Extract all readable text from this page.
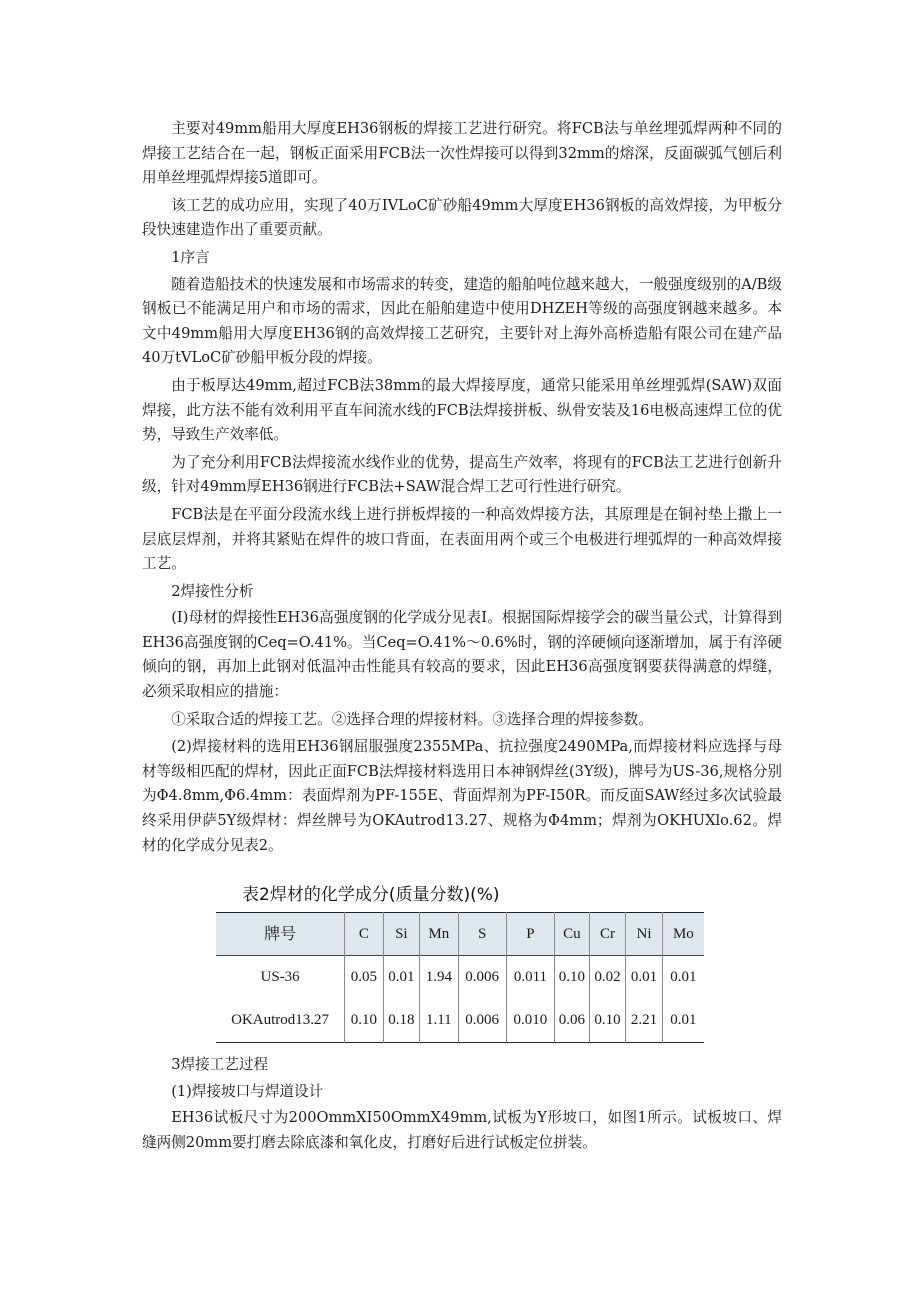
主要对49mm船用大厚度EH36钢板的焊接工艺进行研究。将FCB法与单丝埋弧焊两种不同的焊接工艺结合在一起，钢板正面采用FCB法一次性焊接可以得到32mm的熔深，反面碳弧气刨后利用单丝埋弧焊焊接5道即可。

该工艺的成功应用，实现了40万IVLoC矿砂船49mm大厚度EH36钢板的高效焊接，为甲板分段快速建造作出了重要贡献。

1序言

随着造船技术的快速发展和市场需求的转变，建造的船舶吨位越来越大，一般强度级别的A/B级钢板已不能满足用户和市场的需求，因此在船舶建造中使用DHZEH等级的高强度钢越来越多。本文中49mm船用大厚度EH36钢的高效焊接工艺研究，主要针对上海外高桥造船有限公司在建产品40万tVLoC矿砂船甲板分段的焊接。

由于板厚达49mm,超过FCB法38mm的最大焊接厚度，通常只能采用单丝埋弧焊(SAW)双面焊接，此方法不能有效利用平直车间流水线的FCB法焊接拼板、纵骨安装及16电极高速焊工位的优势，导致生产效率低。

为了充分利用FCB法焊接流水线作业的优势，提高生产效率，将现有的FCB法工艺进行创新升级，针对49mm厚EH36钢进行FCB法+SAW混合焊工艺可行性进行研究。

FCB法是在平面分段流水线上进行拼板焊接的一种高效焊接方法，其原理是在铜衬垫上撒上一层底层焊剂，并将其紧贴在焊件的坡口背面，在表面用两个或三个电极进行埋弧焊的一种高效焊接工艺。

2焊接性分析

(I)母材的焊接性EH36高强度钢的化学成分见表I。根据国际焊接学会的碳当量公式，计算得到EH36高强度钢的Ceq=O.41%。当Ceq=O.41%～0.6%时，钢的淬硬倾向逐渐增加，属于有淬硬倾向的钢，再加上此钢对低温冲击性能具有较高的要求，因此EH36高强度钢要获得满意的焊缝，必须采取相应的措施：

①采取合适的焊接工艺。②选择合理的焊接材料。③选择合理的焊接参数。

(2)焊接材料的选用EH36钢屈服强度2355MPa、抗拉强度2490MPa,而焊接材料应选择与母材等级相匹配的焊材，因此正面FCB法焊接材料选用日本神钢焊丝(3Y级)，牌号为US-36,规格分别为Φ4.8mm,Φ6.4mm：表面焊剂为PF-155E、背面焊剂为PF-I50R。而反面SAW经过多次试验最终采用伊萨5Y级焊材：焊丝牌号为OKAutrod13.27、规格为Φ4mm；焊剂为OKHUXlo.62。焊材的化学成分见表2。

表2焊材的化学成分(质量分数)(%)
牌号	C	Si	Mn	S	P	Cu	Cr	Ni	Mo
US-36	0.05	0.01	1.94	0.006	0.011	0.10	0.02	0.01	0.01
OKAutrod13.27	0.10	0.18	1.11	0.006	0.010	0.06	0.10	2.21	0.01

3焊接工艺过程

(1)焊接坡口与焊道设计

EH36试板尺寸为200OmmXI50OmmX49mm,试板为Y形坡口，如图1所示。试板坡口、焊缝两侧20mm要打磨去除底漆和氧化皮，打磨好后进行试板定位拼装。
